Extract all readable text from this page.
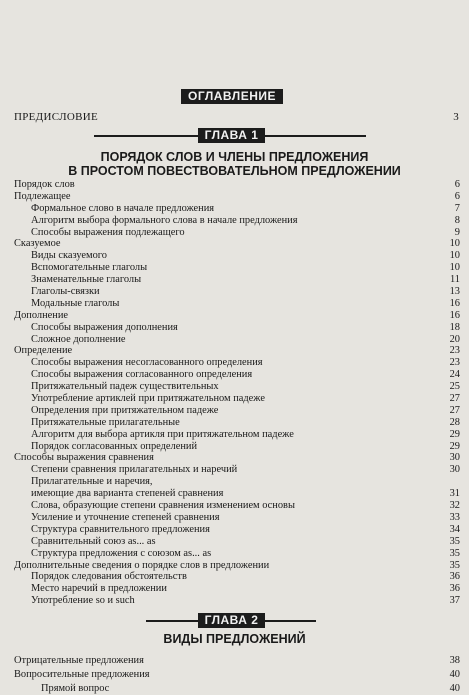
ОГЛАВЛЕНИЕ
ПРЕДИСЛОВИЕ	3
ГЛАВА 1
ПОРЯДОК СЛОВ И ЧЛЕНЫ ПРЕДЛОЖЕНИЯ
В ПРОСТОМ ПОВЕСТВОВАТЕЛЬНОМ ПРЕДЛОЖЕНИИ
Порядок слов	6
Подлежащее	6
Формальное слово в начале предложения	7
Алгоритм выбора формального слова в начале предложения	8
Способы выражения подлежащего	9
Сказуемое	10
Виды сказуемого	10
Вспомогательные глаголы	10
Знаменательные глаголы	11
Глаголы-связки	13
Модальные глаголы	16
Дополнение	16
Способы выражения дополнения	18
Сложное дополнение	20
Определение	23
Способы выражения несогласованного определения	23
Способы выражения согласованного определения	24
Притяжательный падеж существительных	25
Употребление артиклей при притяжательном падеже	27
Определения при притяжательном падеже	27
Притяжательные прилагательные	28
Алгоритм для выбора артикля при притяжательном падеже	29
Порядок согласованных определений	29
Способы выражения сравнения	30
Степени сравнения прилагательных и наречий	30
Прилагательные и наречия,
имеющие два варианта степеней сравнения	31
Слова, образующие степени сравнения изменением основы	32
Усиление и уточнение степеней сравнения	33
Структура сравнительного предложения	34
Сравнительный союз as... as	35
Структура предложения с союзом as... as	35
Дополнительные сведения о порядке слов в предложении	35
Порядок следования обстоятельств	36
Место наречий в предложении	36
Употребление so и such	37
ГЛАВА 2
ВИДЫ ПРЕДЛОЖЕНИЙ
Отрицательные предложения	38
Вопросительные предложения	40
Прямой вопрос	40
